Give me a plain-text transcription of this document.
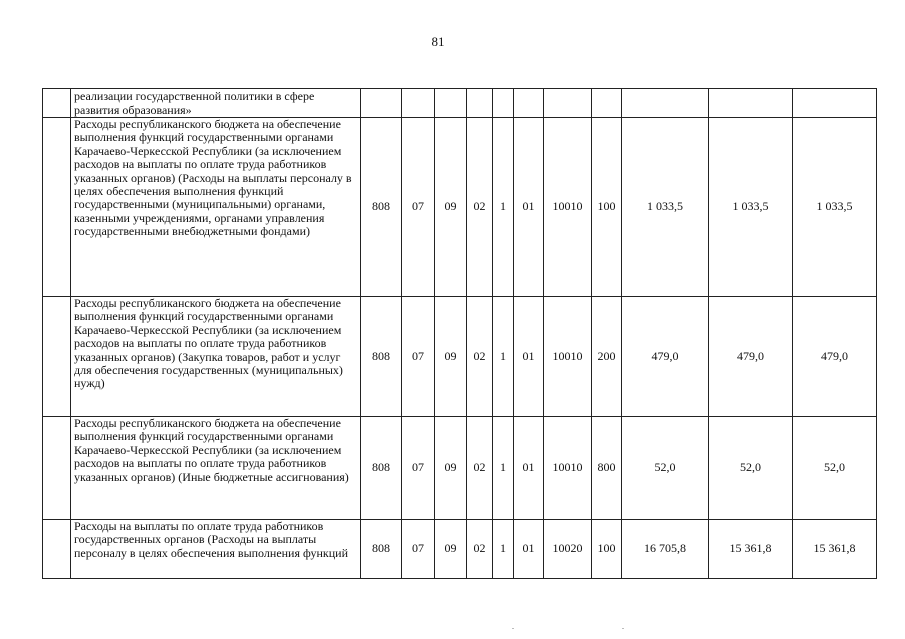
81
	реализации государственной политики в сфере развития образования»											
	Расходы республиканского бюджета на обеспечение выполнения функций государственными органами Карачаево-Черкесской Республики (за исключением расходов на выплаты по оплате труда работников указанных органов) (Расходы на выплаты персоналу в целях обеспечения выполнения функций государственными (муниципальными) органами, казенными учреждениями, органами управления государственными внебюджетными фондами)	808	07	09	02	1	01	10010	100	1 033,5	1 033,5	1 033,5
	Расходы республиканского бюджета на обеспечение выполнения функций государственными органами Карачаево-Черкесской Республики (за исключением расходов на выплаты по оплате труда работников указанных органов) (Закупка товаров, работ и услуг для обеспечения государственных (муниципальных) нужд)	808	07	09	02	1	01	10010	200	479,0	479,0	479,0
	Расходы республиканского бюджета на обеспечение выполнения функций государственными органами Карачаево-Черкесской Республики (за исключением расходов на выплаты по оплате труда работников указанных органов) (Иные бюджетные ассигнования)	808	07	09	02	1	01	10010	800	52,0	52,0	52,0
	Расходы на выплаты по оплате труда работников государственных органов (Расходы на выплаты персоналу в целях обеспечения выполнения функций	808	07	09	02	1	01	10020	100	16 705,8	15 361,8	15 361,8
